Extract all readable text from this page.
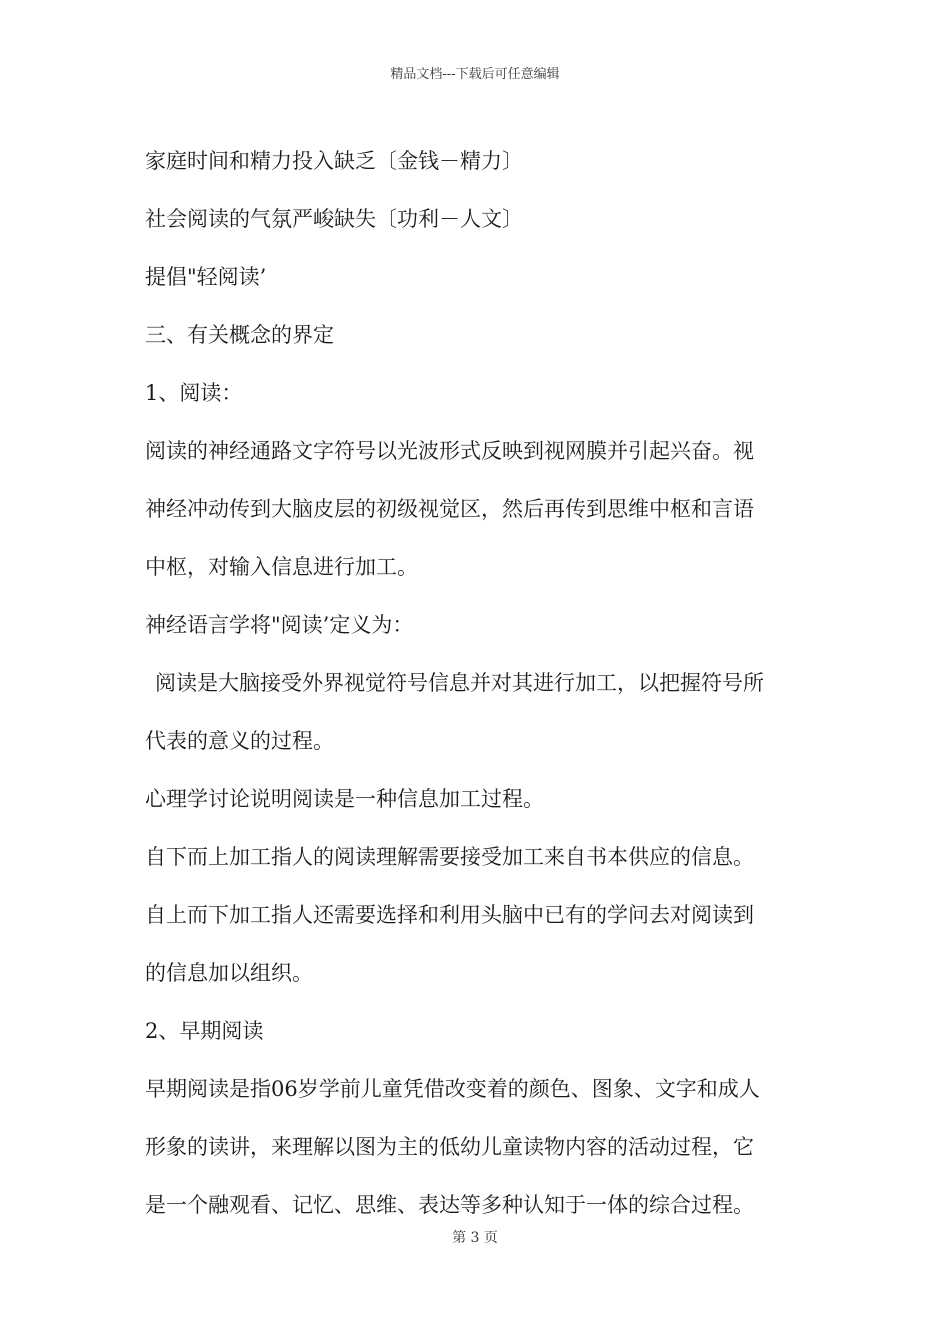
精品文档---下载后可任意编辑
家庭时间和精力投入缺乏〔金钱－精力〕
社会阅读的气氛严峻缺失〔功利－人文〕
提倡"轻阅读’
三、有关概念的界定
1、阅读：
阅读的神经通路文字符号以光波形式反映到视网膜并引起兴奋。视
神经冲动传到大脑皮层的初级视觉区，然后再传到思维中枢和言语
中枢，对输入信息进行加工。
神经语言学将"阅读’定义为：
阅读是大脑接受外界视觉符号信息并对其进行加工，以把握符号所
代表的意义的过程。
心理学讨论说明阅读是一种信息加工过程。
自下而上加工指人的阅读理解需要接受加工来自书本供应的信息。
自上而下加工指人还需要选择和利用头脑中已有的学问去对阅读到
的信息加以组织。
2、早期阅读
早期阅读是指06岁学前儿童凭借改变着的颜色、图象、文字和成人
形象的读讲，来理解以图为主的低幼儿童读物内容的活动过程，它
是一个融观看、记忆、思维、表达等多种认知于一体的综合过程。
第 3 页
